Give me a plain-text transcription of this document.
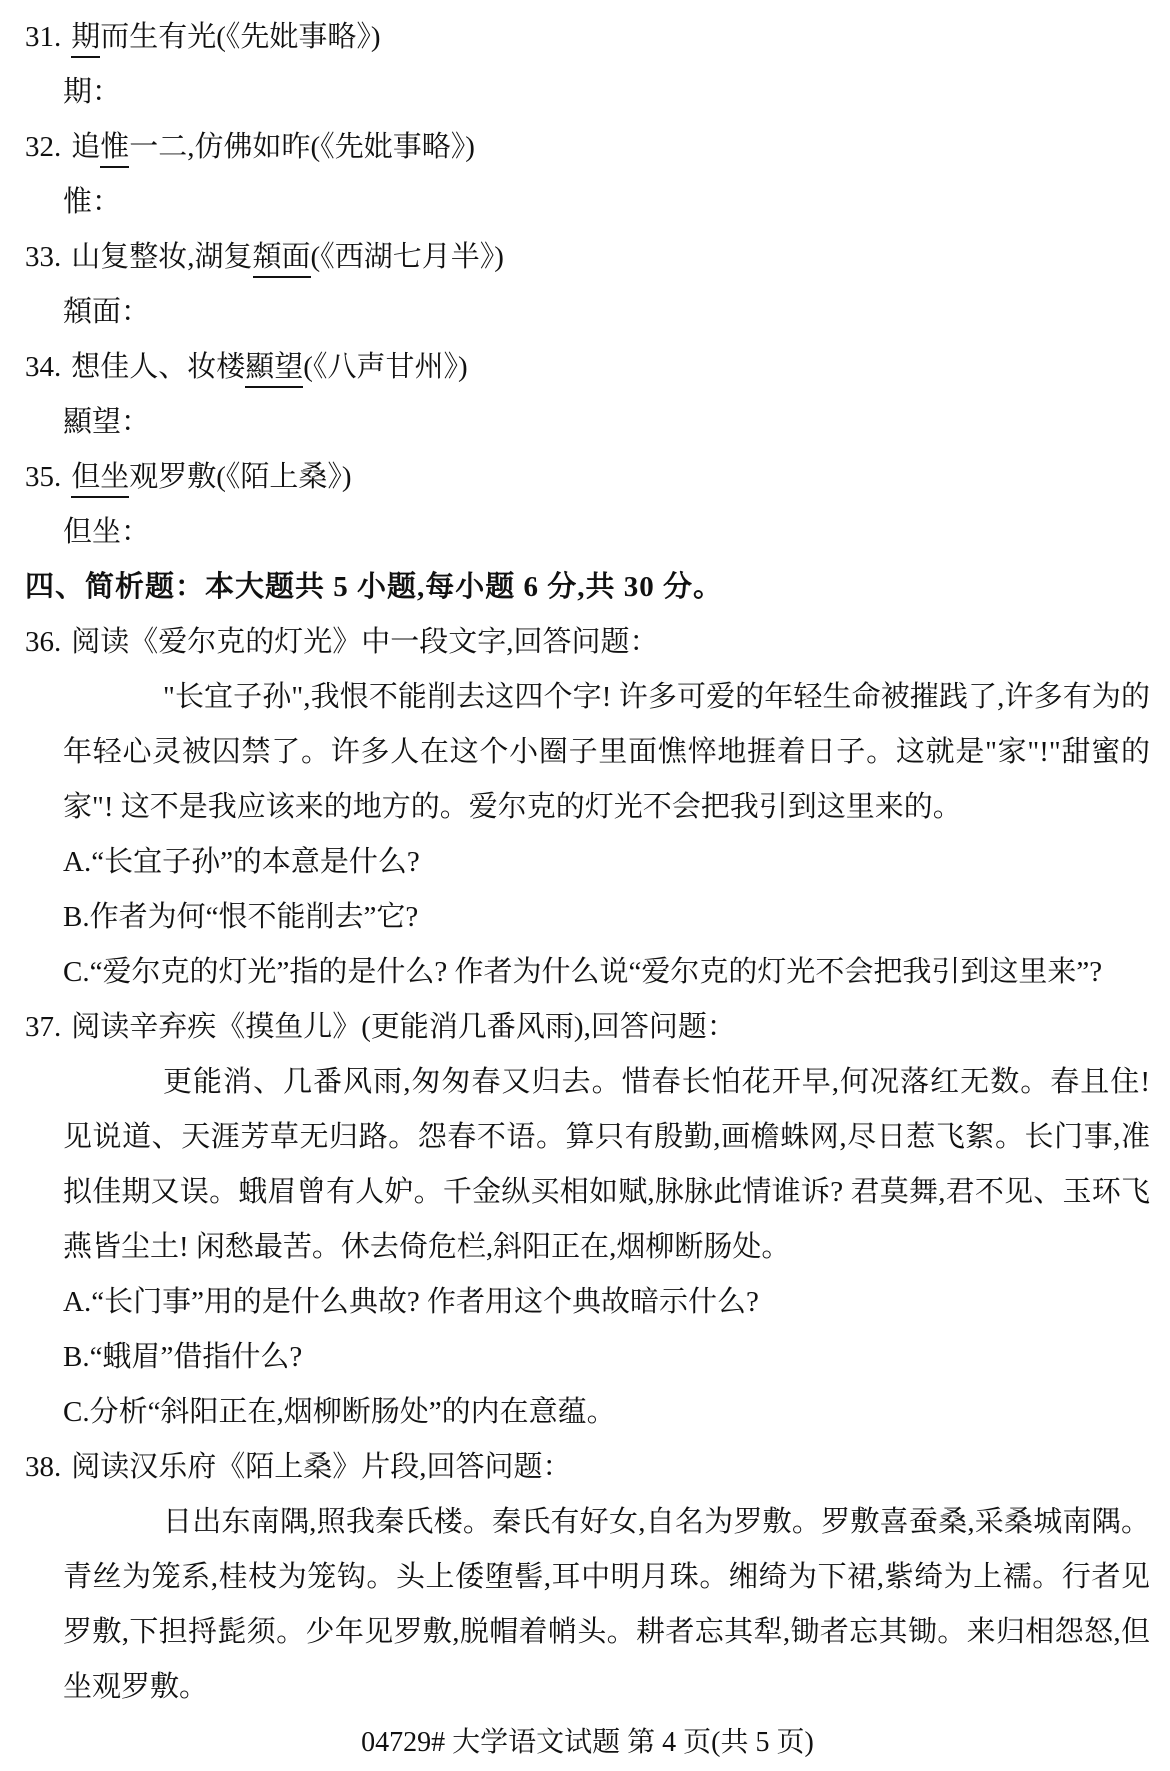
31. 期而生有光(《先妣事略》)
期：
32. 追惟一二,仿佛如昨(《先妣事略》)
惟：
33. 山复整妆,湖复頮面(《西湖七月半》)
頮面：
34. 想佳人、妆楼顯望(《八声甘州》)
顯望：
35. 但坐观罗敷(《陌上桑》)
但坐：
四、简析题：本大题共 5 小题,每小题 6 分,共 30 分。
36. 阅读《爱尔克的灯光》中一段文字,回答问题：

"长宜子孙",我恨不能削去这四个字! 许多可爱的年轻生命被摧践了,许多有为的年轻心灵被囚禁了。许多人在这个小圈子里面憔悴地捱着日子。这就是"家"!"甜蜜的家"! 这不是我应该来的地方的。爱尔克的灯光不会把我引到这里来的。

A.“长宜子孙”的本意是什么?
B.作者为何“恨不能削去”它?
C.“爱尔克的灯光”指的是什么? 作者为什么说“爱尔克的灯光不会把我引到这里来”?
37. 阅读辛弃疾《摸鱼儿》(更能消几番风雨),回答问题：

更能消、几番风雨,匆匆春又归去。惜春长怕花开早,何况落红无数。春且住! 见说道、天涯芳草无归路。怨春不语。算只有殷勤,画檐蛛网,尽日惹飞絮。长门事,准拟佳期又误。蛾眉曾有人妒。千金纵买相如赋,脉脉此情谁诉? 君莫舞,君不见、玉环飞燕皆尘土! 闲愁最苦。休去倚危栏,斜阳正在,烟柳断肠处。

A.“长门事”用的是什么典故? 作者用这个典故暗示什么?
B.“蛾眉”借指什么?
C.分析“斜阳正在,烟柳断肠处”的内在意蕴。
38. 阅读汉乐府《陌上桑》片段,回答问题：

日出东南隅,照我秦氏楼。秦氏有好女,自名为罗敷。罗敷喜蚕桑,采桑城南隅。青丝为笼系,桂枝为笼钩。头上倭堕髻,耳中明月珠。缃绮为下裙,紫绮为上襦。行者见罗敷,下担捋髭须。少年见罗敷,脱帽着帩头。耕者忘其犁,锄者忘其锄。来归相怨怒,但坐观罗敷。

04729# 大学语文试题 第 4 页(共 5 页)
